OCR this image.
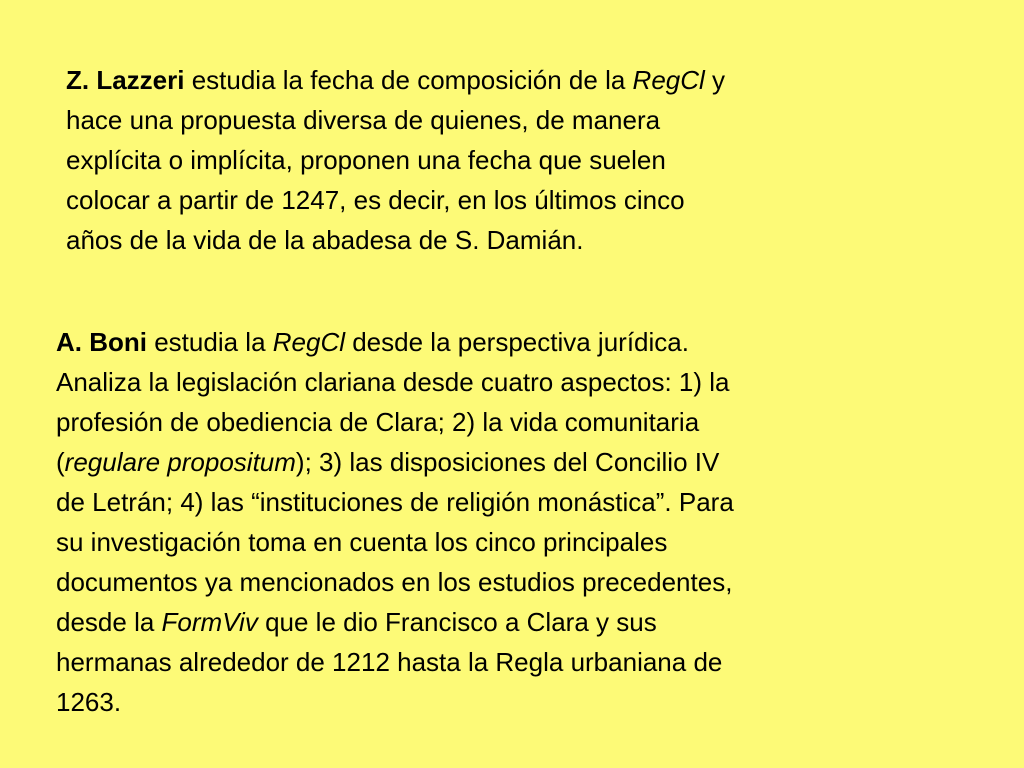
Z. Lazzeri estudia la fecha de composición de la RegCl y
hace una propuesta diversa de quienes, de manera
explícita o implícita, proponen una fecha que suelen
colocar a partir de 1247, es decir, en los últimos cinco
años de la vida de la abadesa de S. Damián.

A. Boni estudia la RegCl desde la perspectiva jurídica.
Analiza la legislación clariana desde cuatro aspectos: 1) la
profesión de obediencia de Clara; 2) la vida comunitaria
(regulare propositum); 3) las disposiciones del Concilio IV
de Letrán; 4) las “instituciones de religión monástica”. Para
su investigación toma en cuenta los cinco principales
documentos ya mencionados en los estudios precedentes,
desde la FormViv que le dio Francisco a Clara y sus
hermanas alrededor de 1212 hasta la Regla urbaniana de
1263.
